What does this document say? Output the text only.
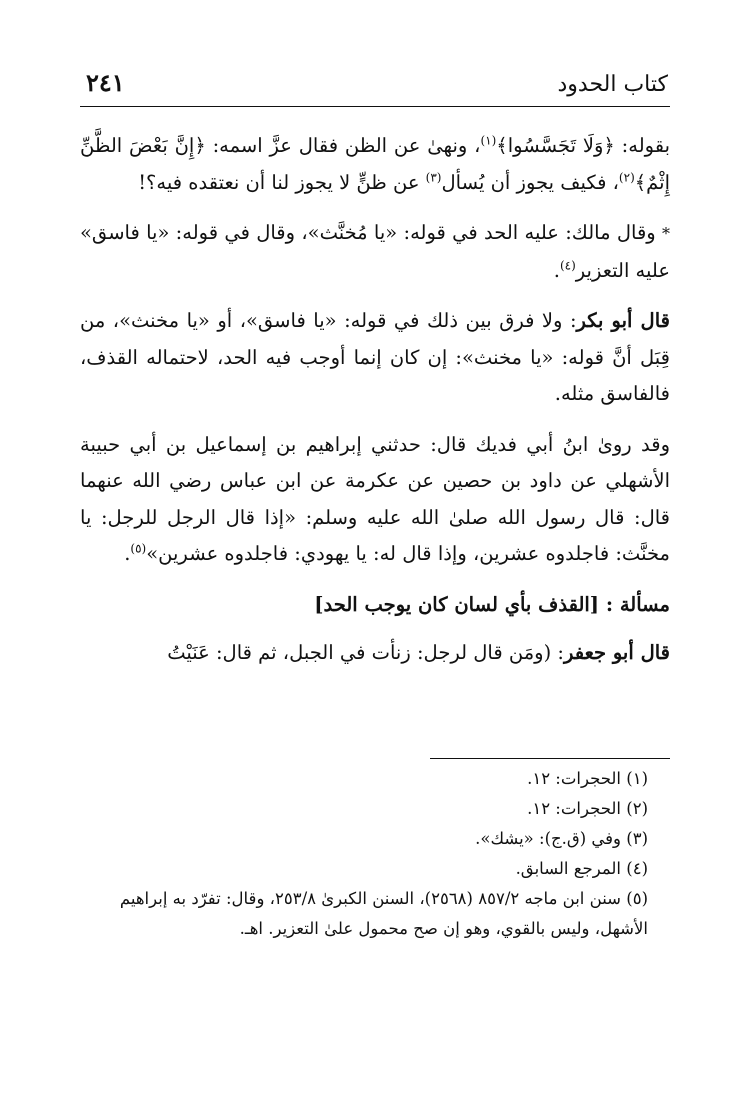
٢٤١	كتاب الحدود

بقوله: ﴿وَلَا تَجَسَّسُوا﴾$^{(١)}$، ونهىٰ عن الظن فقال عزَّ اسمه: ﴿إِنَّ بَعْضَ الظَّنِّ إِثْمٌ﴾$^{(٢)}$، فكيف يجوز أن يُسأل$^{(٣)}$ عن ظنٍّ لا يجوز لنا أن نعتقده فيه؟!

* وقال مالك: عليه الحد في قوله: «يا مُخنَّث»، وقال في قوله: «يا فاسق» عليه التعزير$^{(٤)}$.

قال أبو بكر: ولا فرق بين ذلك في قوله: «يا فاسق»، أو «يا مخنث»، من قِبَل أنَّ قوله: «يا مخنث»: إن كان إنما أوجب فيه الحد، لاحتماله القذف، فالفاسق مثله.

وقد روىٰ ابنُ أبي فديك قال: حدثني إبراهيم بن إسماعيل بن أبي حبيبة الأشهلي عن داود بن حصين عن عكرمة عن ابن عباس رضي الله عنهما قال: قال رسول الله صلىٰ الله عليه وسلم: «إذا قال الرجل للرجل: يا مخنَّث: فاجلدوه عشرين، وإذا قال له: يا يهودي: فاجلدوه عشرين»$^{(٥)}$.

مسألة : [القذف بأي لسان كان يوجب الحد]

قال أبو جعفر: (ومَن قال لرجل: زنأت في الجبل، ثم قال: عَنَيْتُ

(١) الحجرات: ١٢.

(٢) الحجرات: ١٢.

(٣) وفي (ق.ج): «يشك».

(٤) المرجع السابق.

(٥) سنن ابن ماجه ٨٥٧/٢ (٢٥٦٨)، السنن الكبرىٰ ٢٥٣/٨، وقال: تفرّد به إبراهيم الأشهل، وليس بالقوي، وهو إن صح محمول علىٰ التعزير. اهـ.
